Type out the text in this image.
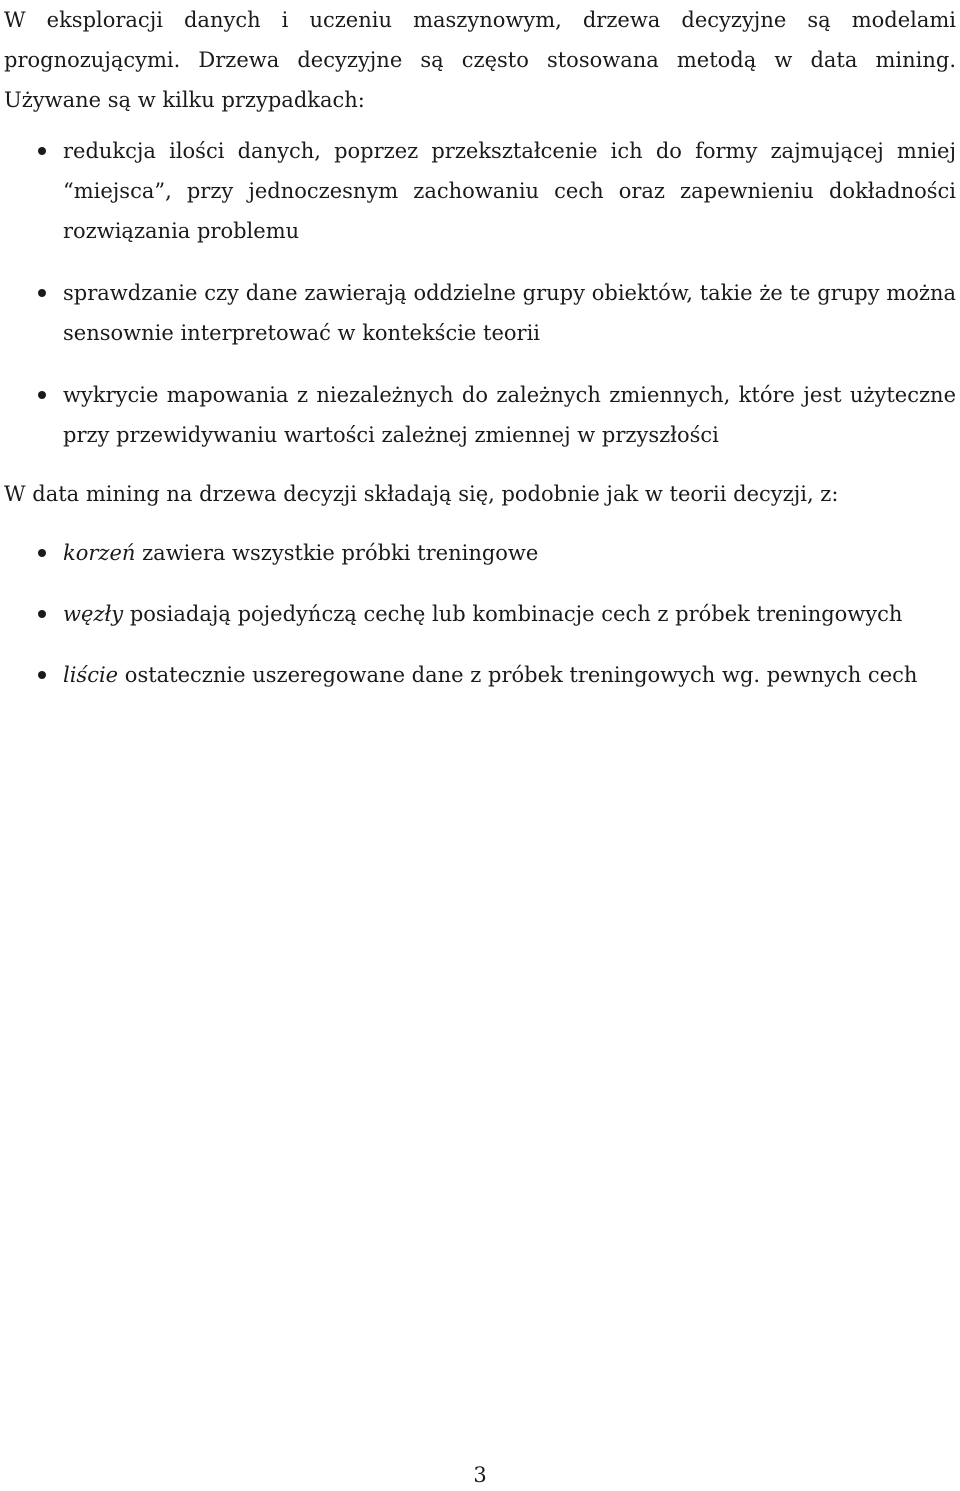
W eksploracji danych i uczeniu maszynowym, drzewa decyzyjne są modelami prognozującymi. Drzewa decyzyjne są często stosowana metodą w data mining. Używane są w kilku przypadkach:

redukcja ilości danych, poprzez przekształcenie ich do formy zajmującej mniej “miejsca”, przy jednoczesnym zachowaniu cech oraz zapewnieniu dokładności rozwiązania problemu
sprawdzanie czy dane zawierają oddzielne grupy obiektów, takie że te grupy można sensownie interpretować w kontekście teorii
wykrycie mapowania z niezależnych do zależnych zmiennych, które jest użyteczne przy przewidywaniu wartości zależnej zmiennej w przyszłości

W data mining na drzewa decyzji składają się, podobnie jak w teorii decyzji, z:

korzeń zawiera wszystkie próbki treningowe
węzły posiadają pojedyńczą cechę lub kombinacje cech z próbek treningowych
liście ostatecznie uszeregowane dane z próbek treningowych wg. pewnych cech
3
